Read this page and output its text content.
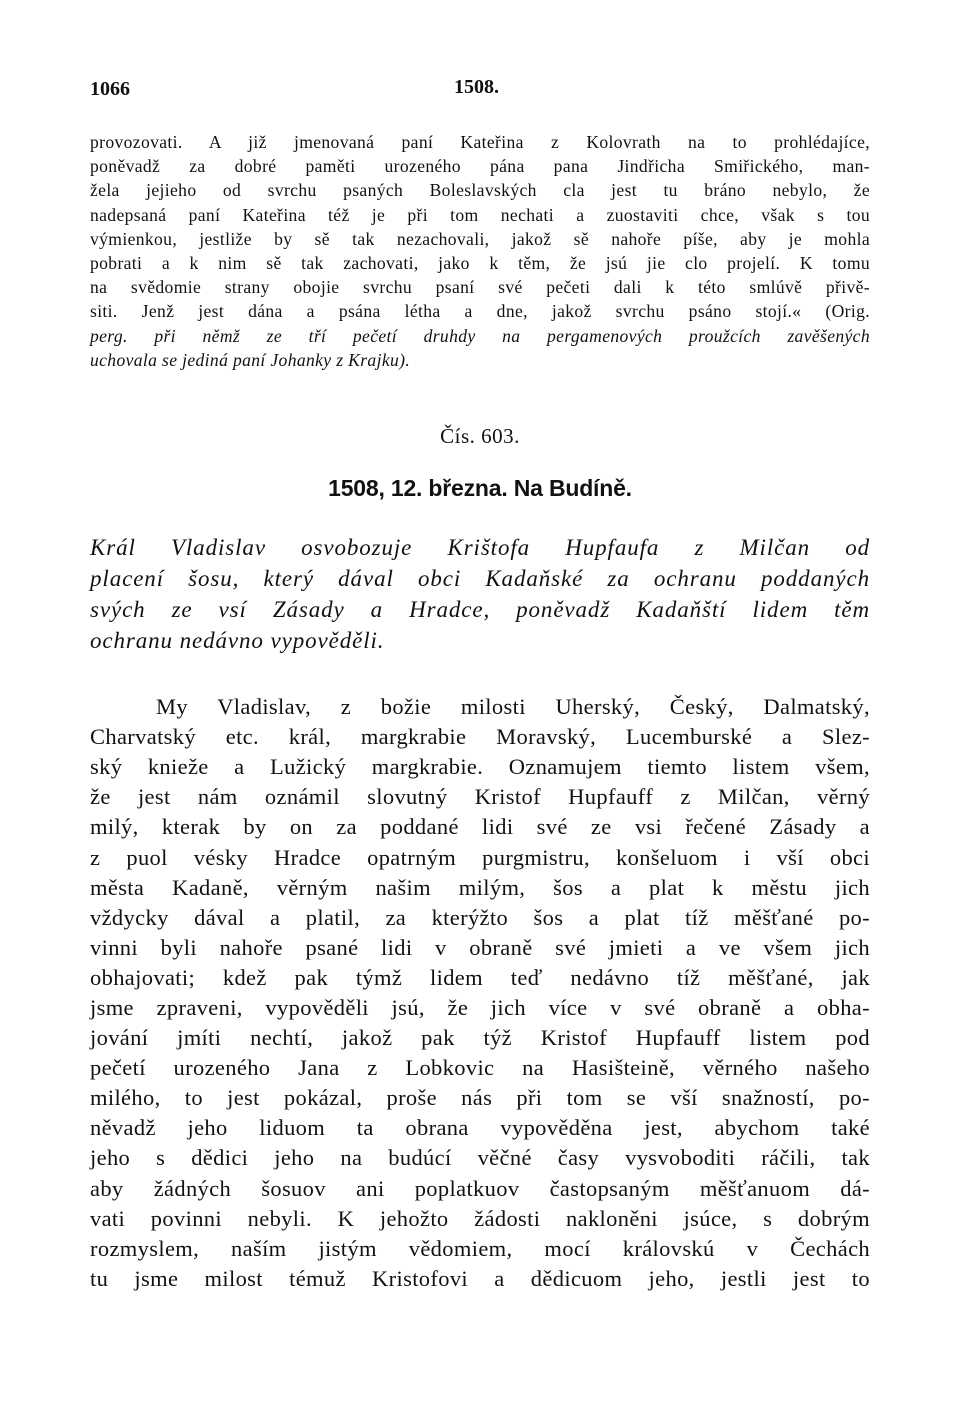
1066	1508.
provozovati. A již jmenovaná paní Kateřina z Kolovrath na to prohlédajíce,
poněvadž za dobré paměti urozeného pána pana Jindřicha Smiřického, man-
žela jejieho od svrchu psaných Boleslavských cla jest tu bráno nebylo, že
nadepsaná paní Kateřina též je při tom nechati a zuostaviti chce, však s tou
výmienkou, jestliže by sě tak nezachovali, jakož sě nahoře píše, aby je mohla
pobrati a k nim sě tak zachovati, jako k těm, že jsú jie clo projelí. K tomu
na svědomie strany obojie svrchu psaní své pečeti dali k této smlúvě přivě-
siti. Jenž jest dána a psána létha a dne, jakož svrchu psáno stojí.« (Orig.
perg. při němž ze tří pečetí druhdy na pergamenových proužcích zavěšených
uchovala se jediná paní Johanky z Krajku).
Čís. 603.
1508, 12. března. Na Budíně.
Král Vladislav osvobozuje Krištofa Hupfaufa z Milčan od
placení šosu, který dával obci Kadaňské za ochranu poddaných
svých ze vsí Zásady a Hradce, poněvadž Kadaňští lidem těm
ochranu nedávno vypověděli.
My Vladislav, z božie milosti Uherský, Český, Dalmatský,
Charvatský etc. král, margkrabie Moravský, Lucemburské a Slez-
ský knieže a Lužický margkrabie. Oznamujem tiemto listem všem,
že jest nám oznámil slovutný Kristof Hupfauff z Milčan, věrný
milý, kterak by on za poddané lidi své ze vsi řečené Zásady a
z puol vésky Hradce opatrným purgmistru, konšeluom i vší obci
města Kadaně, věrným našim milým, šos a plat k městu jich
vždycky dával a platil, za kterýžto šos a plat tíž měšťané po-
vinni byli nahoře psané lidi v obraně své jmieti a ve všem jich
obhajovati; kdež pak týmž lidem teď nedávno tíž měšťané, jak
jsme zpraveni, vypověděli jsú, že jich více v své obraně a obha-
jování jmíti nechtí, jakož pak týž Kristof Hupfauff listem pod
pečetí urozeného Jana z Lobkovic na Hasišteině, věrného našeho
milého, to jest pokázal, proše nás při tom se vší snažností, po-
něvadž jeho liduom ta obrana vypověděna jest, abychom také
jeho s dědici jeho na budúcí věčné časy vysvoboditi ráčili, tak
aby žádných šosuov ani poplatkuov častopsaným měšťanuom dá-
vati povinni nebyli. K jehožto žádosti nakloněni jsúce, s dobrým
rozmyslem, naším jistým vědomiem, mocí královskú v Čechách
tu jsme milost témuž Kristofovi a dědicuom jeho, jestli jest to
